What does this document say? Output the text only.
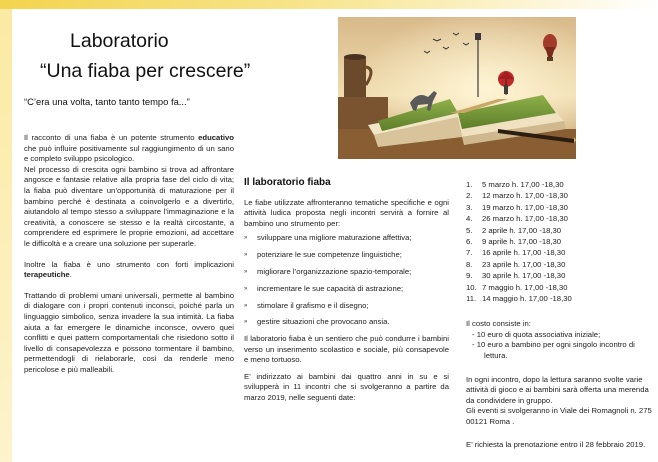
Laboratorio
“Una fiaba per crescere”
“C’era una volta, tanto tanto tempo fa...”

Il racconto di una fiaba è un potente strumento educativo che può influire positivamente sul raggiungimento di un sano e completo sviluppo psicologico.

Nel processo di crescita ogni bambino si trova ad affrontare angosce e fantasie relative alla propria fase del ciclo di vita; la fiaba può diventare un’opportunità di maturazione per il bambino perché è destinata a coinvolgerlo e a divertirlo, aiutandolo al tempo stesso a sviluppare l’immaginazione e la creatività, a conoscere se stesso e la realtà circostante, a comprendere ed esprimere le proprie emozioni, ad accettare le difficoltà e a creare una soluzione per superarle.

Inoltre la fiaba è uno strumento con forti implicazioni terapeutiche.

Trattando di problemi umani universali, permette al bambino di dialogare con i propri contenuti inconsci, poiché parla un linguaggio simbolico, senza invadere la sua intimità. La fiaba aiuta a far emergere le dinamiche inconsce, ovvero quei conflitti e quei pattern comportamentali che risiedono sotto il livello di consapevolezza e possono tormentare il bambino, permettendogli di rielaborarle, così da renderle meno pericolose e più malleabili.

Il laboratorio fiaba

Le fiabe utilizzate affronteranno tematiche specifiche e ogni attività ludica proposta negli incontri servirà a fornire al bambino uno strumento per:

» sviluppare una migliore maturazione affettiva;
» potenziare le sue competenze linguistiche;
» migliorare l’organizzazione spazio-temporale;
» incrementare le sue capacità di astrazione;
» stimolare il grafismo e il disegno;
» gestire situazioni che provocano ansia.

Il laboratorio fiaba è un sentiero che può condurre i bambini verso un inserimento scolastico e sociale, più consapevole e meno tortuoso.

E’ indirizzato ai bambini dai quattro anni in su e si svilupperà in 11 incontri che si svolgeranno a partire da marzo 2019, nelle seguenti date:

1. 5 marzo h. 17,00 -18,30
2. 12 marzo h. 17,00 -18,30
3. 19 marzo h. 17,00 -18,30
4. 26 marzo h. 17,00 -18,30
5. 2 aprile h. 17,00 -18,30
6. 9 aprile h. 17,00 -18,30
7. 16 aprile h. 17,00 -18,30
8. 23 aprile h. 17,00 -18,30
9. 30 aprile h. 17,00 -18,30
10. 7 maggio h. 17,00 -18,30
11. 14 maggio h. 17,00 -18,30
Il costo consiste in:
- 10 euro di quota associativa iniziale;
- 10 euro a bambino per ogni singolo incontro di
lettura.
In ogni incontro, dopo la lettura saranno svolte varie attività di gioco e ai bambini sarà offerta una merenda da condividere in gruppo.
Gli eventi si svolgeranno in Viale dei Romagnoli n. 275 00121 Roma .
E’ richiesta la prenotazione entro il 28 febbraio 2019.
